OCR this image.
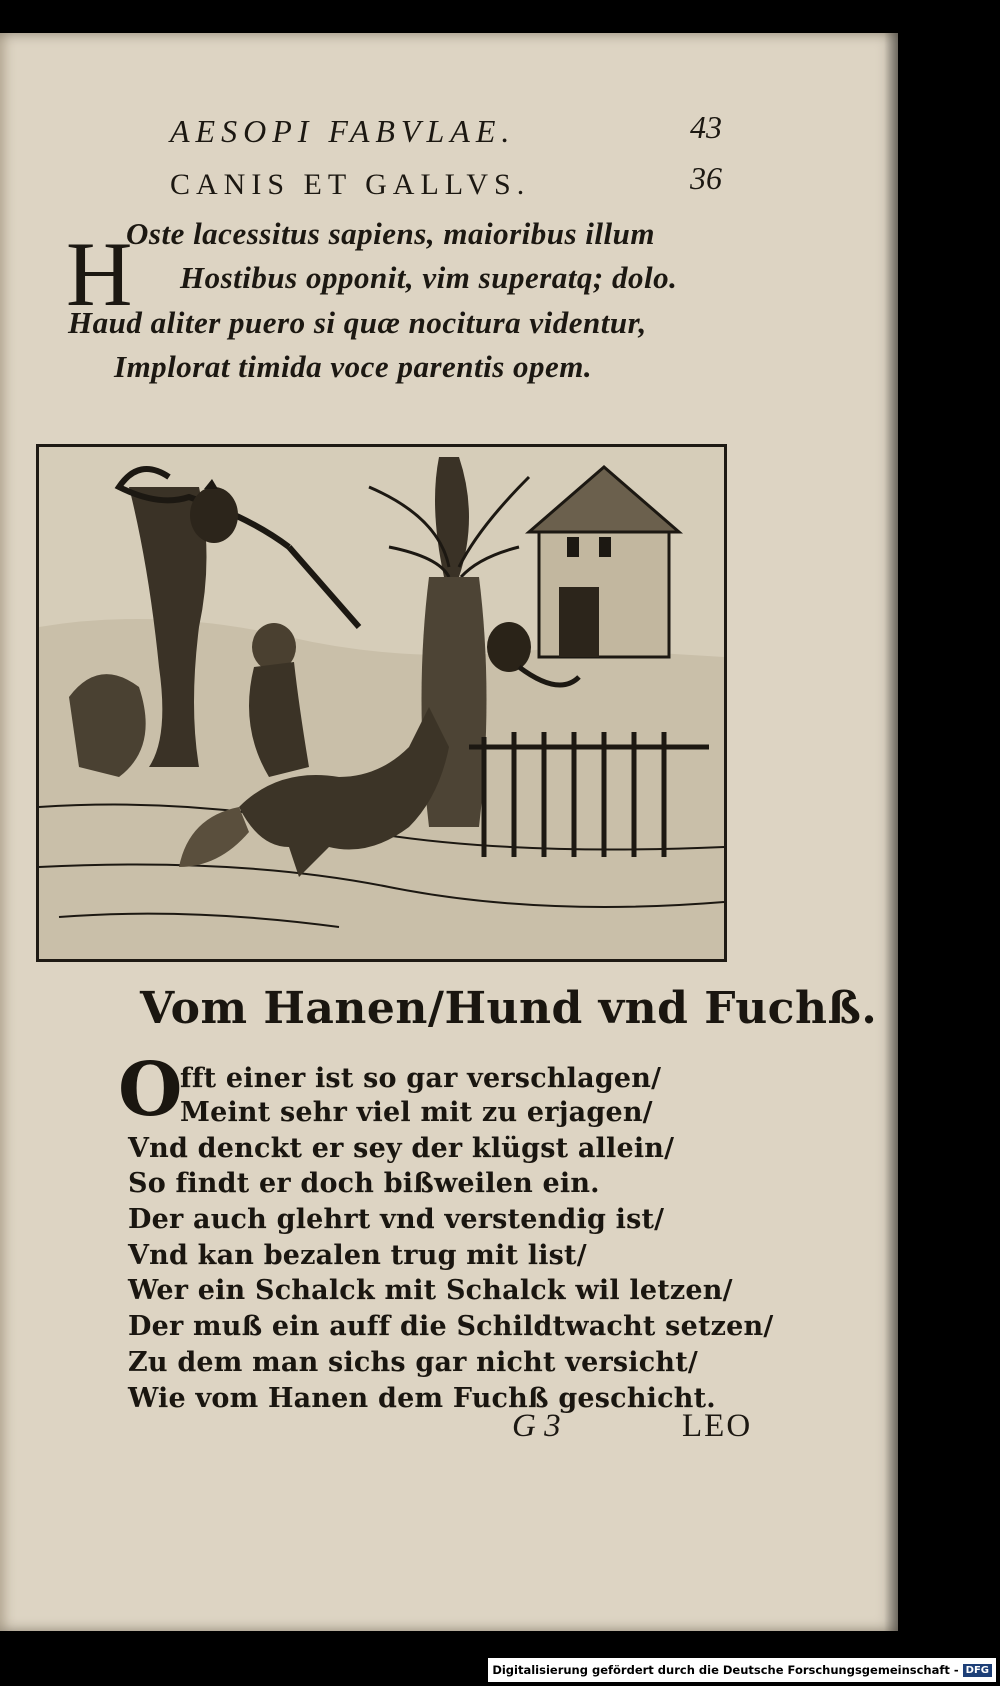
AESOPI FABVLAE.	43
CANIS ET GALLVS.	36
H
Oste lacessitus sapiens, maioribus illum
Hostibus opponit, vim superatq; dolo.
Haud aliter puero si quæ nocitura videntur,
Implorat timida voce parentis opem.
Vom Hanen/Hund vnd Fuchß.
O
fft einer ist so gar verschlagen/
Meint sehr viel mit zu erjagen/
Vnd denckt er sey der klügst allein/
So findt er doch bißweilen ein.
Der auch glehrt vnd verstendig ist/
Vnd kan bezalen trug mit list/
Wer ein Schalck mit Schalck wil letzen/
Der muß ein auff die Schildtwacht setzen/
Zu dem man sichs gar nicht versicht/
Wie vom Hanen dem Fuchß geschicht.
G 3	LEO
Digitalisierung gefördert durch die Deutsche Forschungsgemeinschaft - DFG
